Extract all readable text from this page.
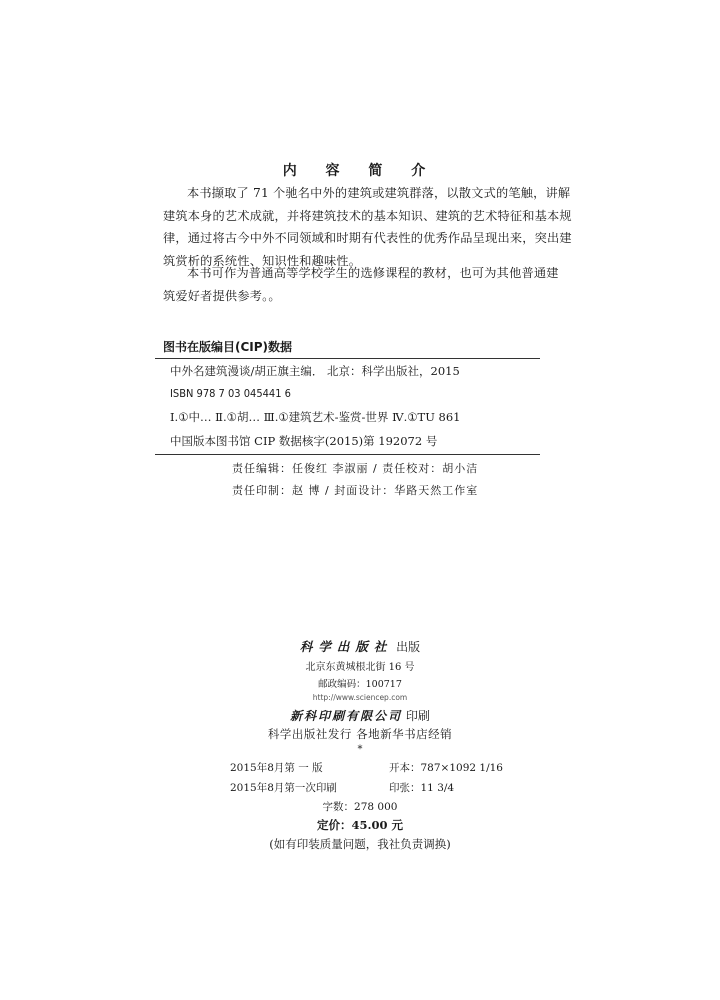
内 容 简 介
本书撷取了 71 个驰名中外的建筑或建筑群落，以散文式的笔触，讲解
建筑本身的艺术成就，并将建筑技术的基本知识、建筑的艺术特征和基本规
律，通过将古今中外不同领域和时期有代表性的优秀作品呈现出来，突出建
筑赏析的系统性、知识性和趣味性。
本书可作为普通高等学校学生的选修课程的教材，也可为其他普通建
筑爱好者提供参考。。
图书在版编目(CIP)数据
中外名建筑漫谈/胡正旗主编． 北京：科学出版社，2015
ISBN 978 7 03 045441 6
Ⅰ.①中… Ⅱ.①胡… Ⅲ.①建筑艺术-鉴赏-世界 Ⅳ.①TU 861
中国版本图书馆 CIP 数据核字(2015)第 192072 号
责任编辑：任俊红 李淑丽 / 责任校对：胡小洁
责任印制：赵 博 / 封面设计：华路天然工作室
科学出版社 出版
北京东黄城根北街 16 号
邮政编码：100717
http://www.sciencep.com
新科印刷有限公司 印刷
科学出版社发行 各地新华书店经销
*
2015年8月第 一 版	开本：787×1092 1/16
2015年8月第一次印刷	印张：11 3/4
字数：278 000
定价：45.00 元
(如有印装质量问题，我社负责调换)
